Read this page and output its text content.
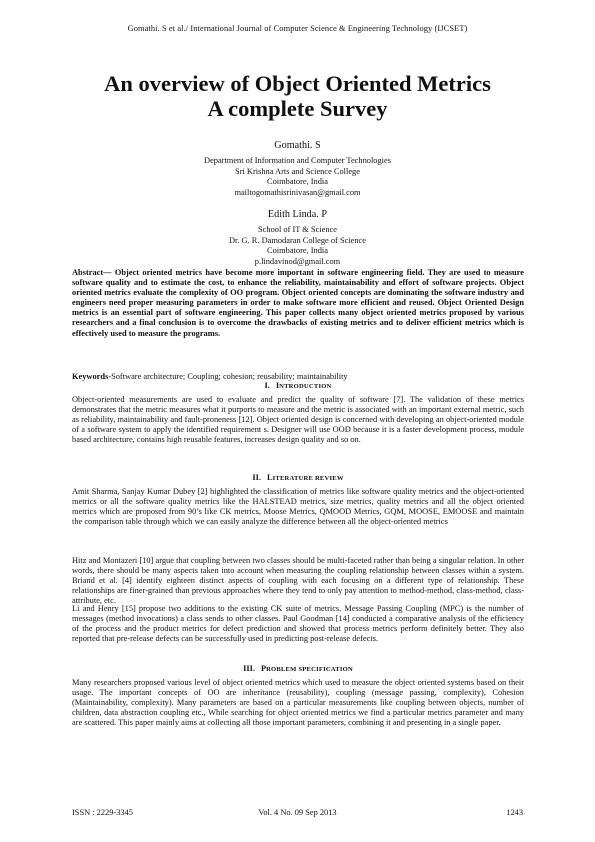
Gomathi. S et al./ International Journal of Computer Science & Engineering Technology (IJCSET)
An overview of Object Oriented Metrics
A complete Survey
Gomathi. S
Department of Information and Computer Technologies
Sri Krishna Arts and Science College
Coimbatore, India
mailtogomathisrinivasan@gmail.com
Edith Linda. P
School of IT & Science
Dr. G. R. Damodaran College of Science
Coimbatore, India
p.lindavinod@gmail.com

Abstract— Object oriented metrics have become more important in software engineering field. They are used to measure software quality and to estimate the cost, to enhance the reliability, maintainability and effort of software projects. Object oriented metrics evaluate the complexity of OO program. Object oriented concepts are dominating the software industry and engineers need proper measuring parameters in order to make software more efficient and reused. Object Oriented Design metrics is an essential part of software engineering. This paper collects many object oriented metrics proposed by various researchers and a final conclusion is to overcome the drawbacks of existing metrics and to deliver efficient metrics which is effectively used to measure the programs.

Keywords-Software architecture; Coupling; cohesion; reusability; maintainability

I. INTRODUCTION

Object-oriented measurements are used to evaluate and predict the quality of software [7]. The validation of these metrics demonstrates that the metric measures what it purports to measure and the metric is associated with an important external metric, such as reliability, maintainability and fault-proneness [12]. Object oriented design is concerned with developing an object-oriented module of a software system to apply the identified requirement s. Designer will use OOD because it is a faster development process, module based architecture, contains high reusable features, increases design quality and so on.

II. LITERATURE REVIEW

Amit Sharma, Sanjay Kumar Dubey [2] highlighted the classification of metrics like software quality metrics and the object-oriented metrics or all the software quality metrics like the HALSTEAD metrics, size metrics, quality metrics and all the object oriented metrics which are proposed from 90’s like CK metrics, Moose Metrics, QMOOD Metrics, GQM, MOOSE, EMOOSE and maintain the comparison table through which we can easily analyze the difference between all the object-oriented metrics

Hitz and Montazeri [10] argue that coupling between two classes should be multi-faceted rather than being a singular relation. In other words, there should be many aspects taken into account when measuring the coupling relationship between classes within a system. Briand et al. [4] identify eighteen distinct aspects of coupling with each focusing on a different type of relationship. These relationships are finer-grained than previous approaches where they tend to only pay attention to method-method, class-method, class-attribute, etc.

Li and Henry [15] propose two additions to the existing CK suite of metrics. Message Passing Coupling (MPC) is the number of messages (method invocations) a class sends to other classes. Paul Goodman [14] conducted a comparative analysis of the efficiency of the process and the product metrics for defect prediction and showed that process metrics perform definitely better. They also reported that pre-release defects can be successfully used in predicting post-release defects.

III. PROBLEM SPECIFICATION

Many researchers proposed various level of object oriented metrics which used to measure the object oriented systems based on their usage. The important concepts of OO are inheritance (reusability), coupling (message passing, complexity), Cohesion (Maintainability, complexity). Many parameters are based on a particular measurements like coupling between objects, number of children, data abstraction coupling etc., While searching for object oriented metrics we find a particular metrics parameter and many are scattered. This paper mainly aims at collecting all those important parameters, combining it and presenting in a single paper.

ISSN : 2229-3345	Vol. 4 No. 09 Sep 2013	1243
